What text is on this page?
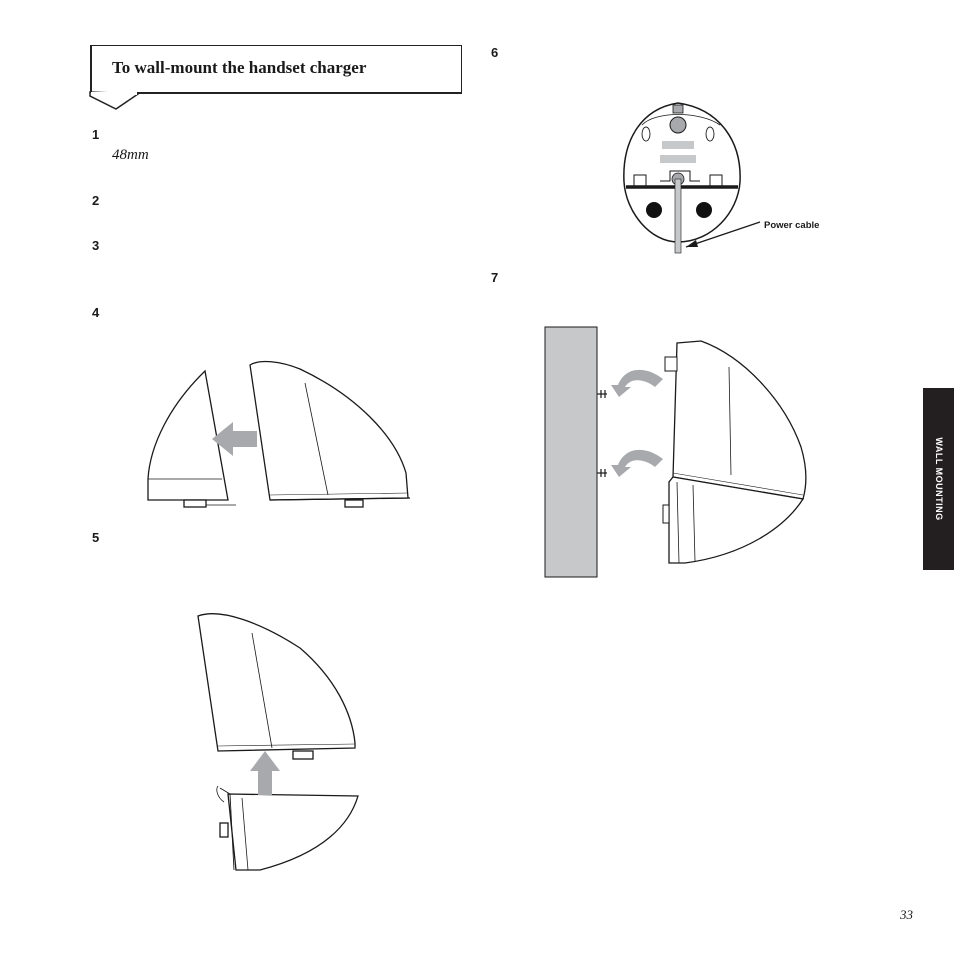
To wall-mount the handset charger
1
48mm
2
3
4
5
6
7
Power cable
WALL MOUNTING
33
